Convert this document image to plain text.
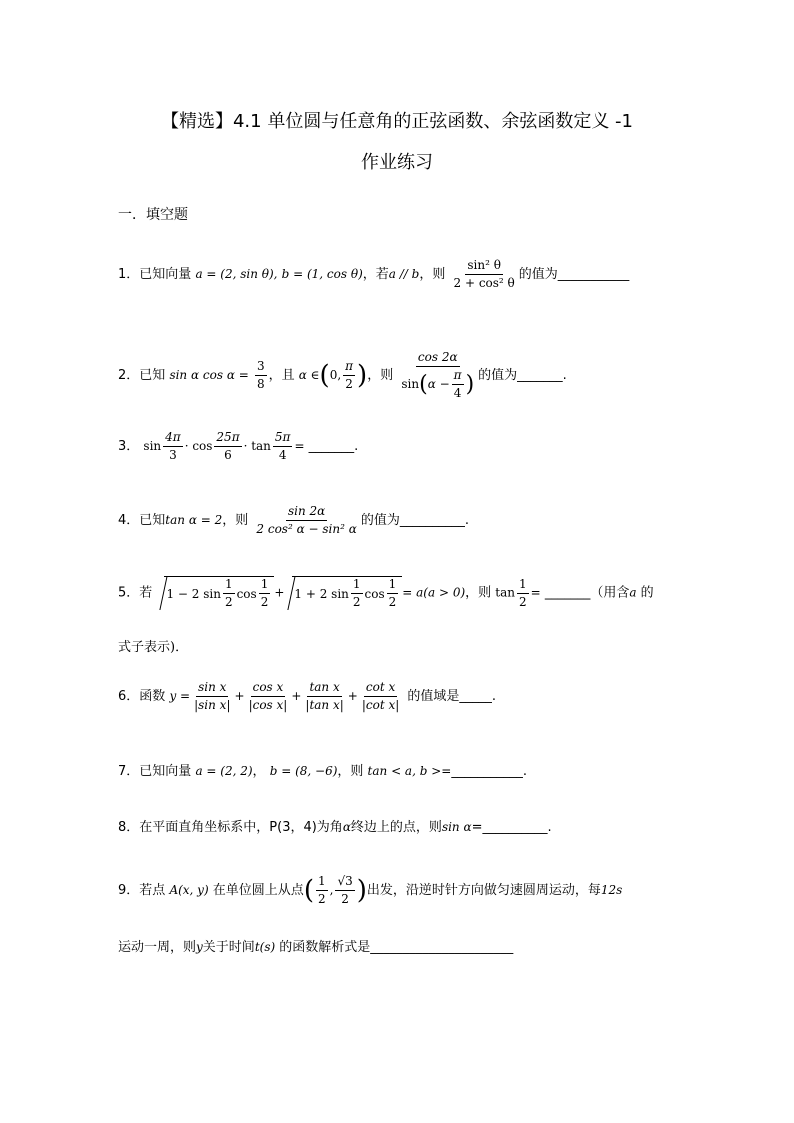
【精选】4.1 单位圆与任意角的正弦函数、余弦函数定义 -1
作业练习
一．填空题
1．已知向量 a = (2, sin θ), b = (1, cos θ)，若a // b，则 $\frac{\text{sin² θ}}{\text{2 + cos² θ}}$ 的值为___________
2．已知 sin α $\cos \alpha = \frac{3}{8}$ ，且 α ∈(0, $\frac{\pi}{2}$ )，则 $\frac{\cos 2\alpha}{\sin(\alpha - \frac{\pi}{4} )}$ 的值为_______.
3． $\sin \frac{4\pi}{3} \cdot \cos \frac{25\pi}{6} \cdot \tan \frac{5\pi}{4}$ = _______.
4．已知tan α = 2，则 $\frac{\sin 2\alpha}{\text{2 cos² α − sin² α}}$ 的值为__________.
5．若 1 − 2 $\sin \frac{1}{2}$ $\cos \frac{1}{2} + 1 + 2$ $\sin \frac{1}{2}$ $\cos \frac{1}{2} = a(a > 0)$，则 $\tan \frac{1}{2}$ = _______（用含a 的
式子表示)．
6．函数 $y = \frac{\text{sin x}}{\text{|sin x|}} + \frac{\text{cos x}}{\text{|cos x|}} + \frac{\text{tan x}}{\text{|tan x|}} + \frac{\text{cot x}}{\text{|cot x|}}$ 的值域是_____.
7．已知向量 a = (2, 2)， b = (8, −6)，则 tan < a, b >=___________.
8．在平面直角坐标系中，P(3，4)为角α终边上的点，则sin α=__________.
9．若点 A(x, y) 在单位圆上从点( $\frac{1}{2}$ , $\frac{√3}{2}$ )出发，沿逆时针方向做匀速圆周运动，每12s
运动一周，则y关于时间t(s) 的函数解析式是______________________
